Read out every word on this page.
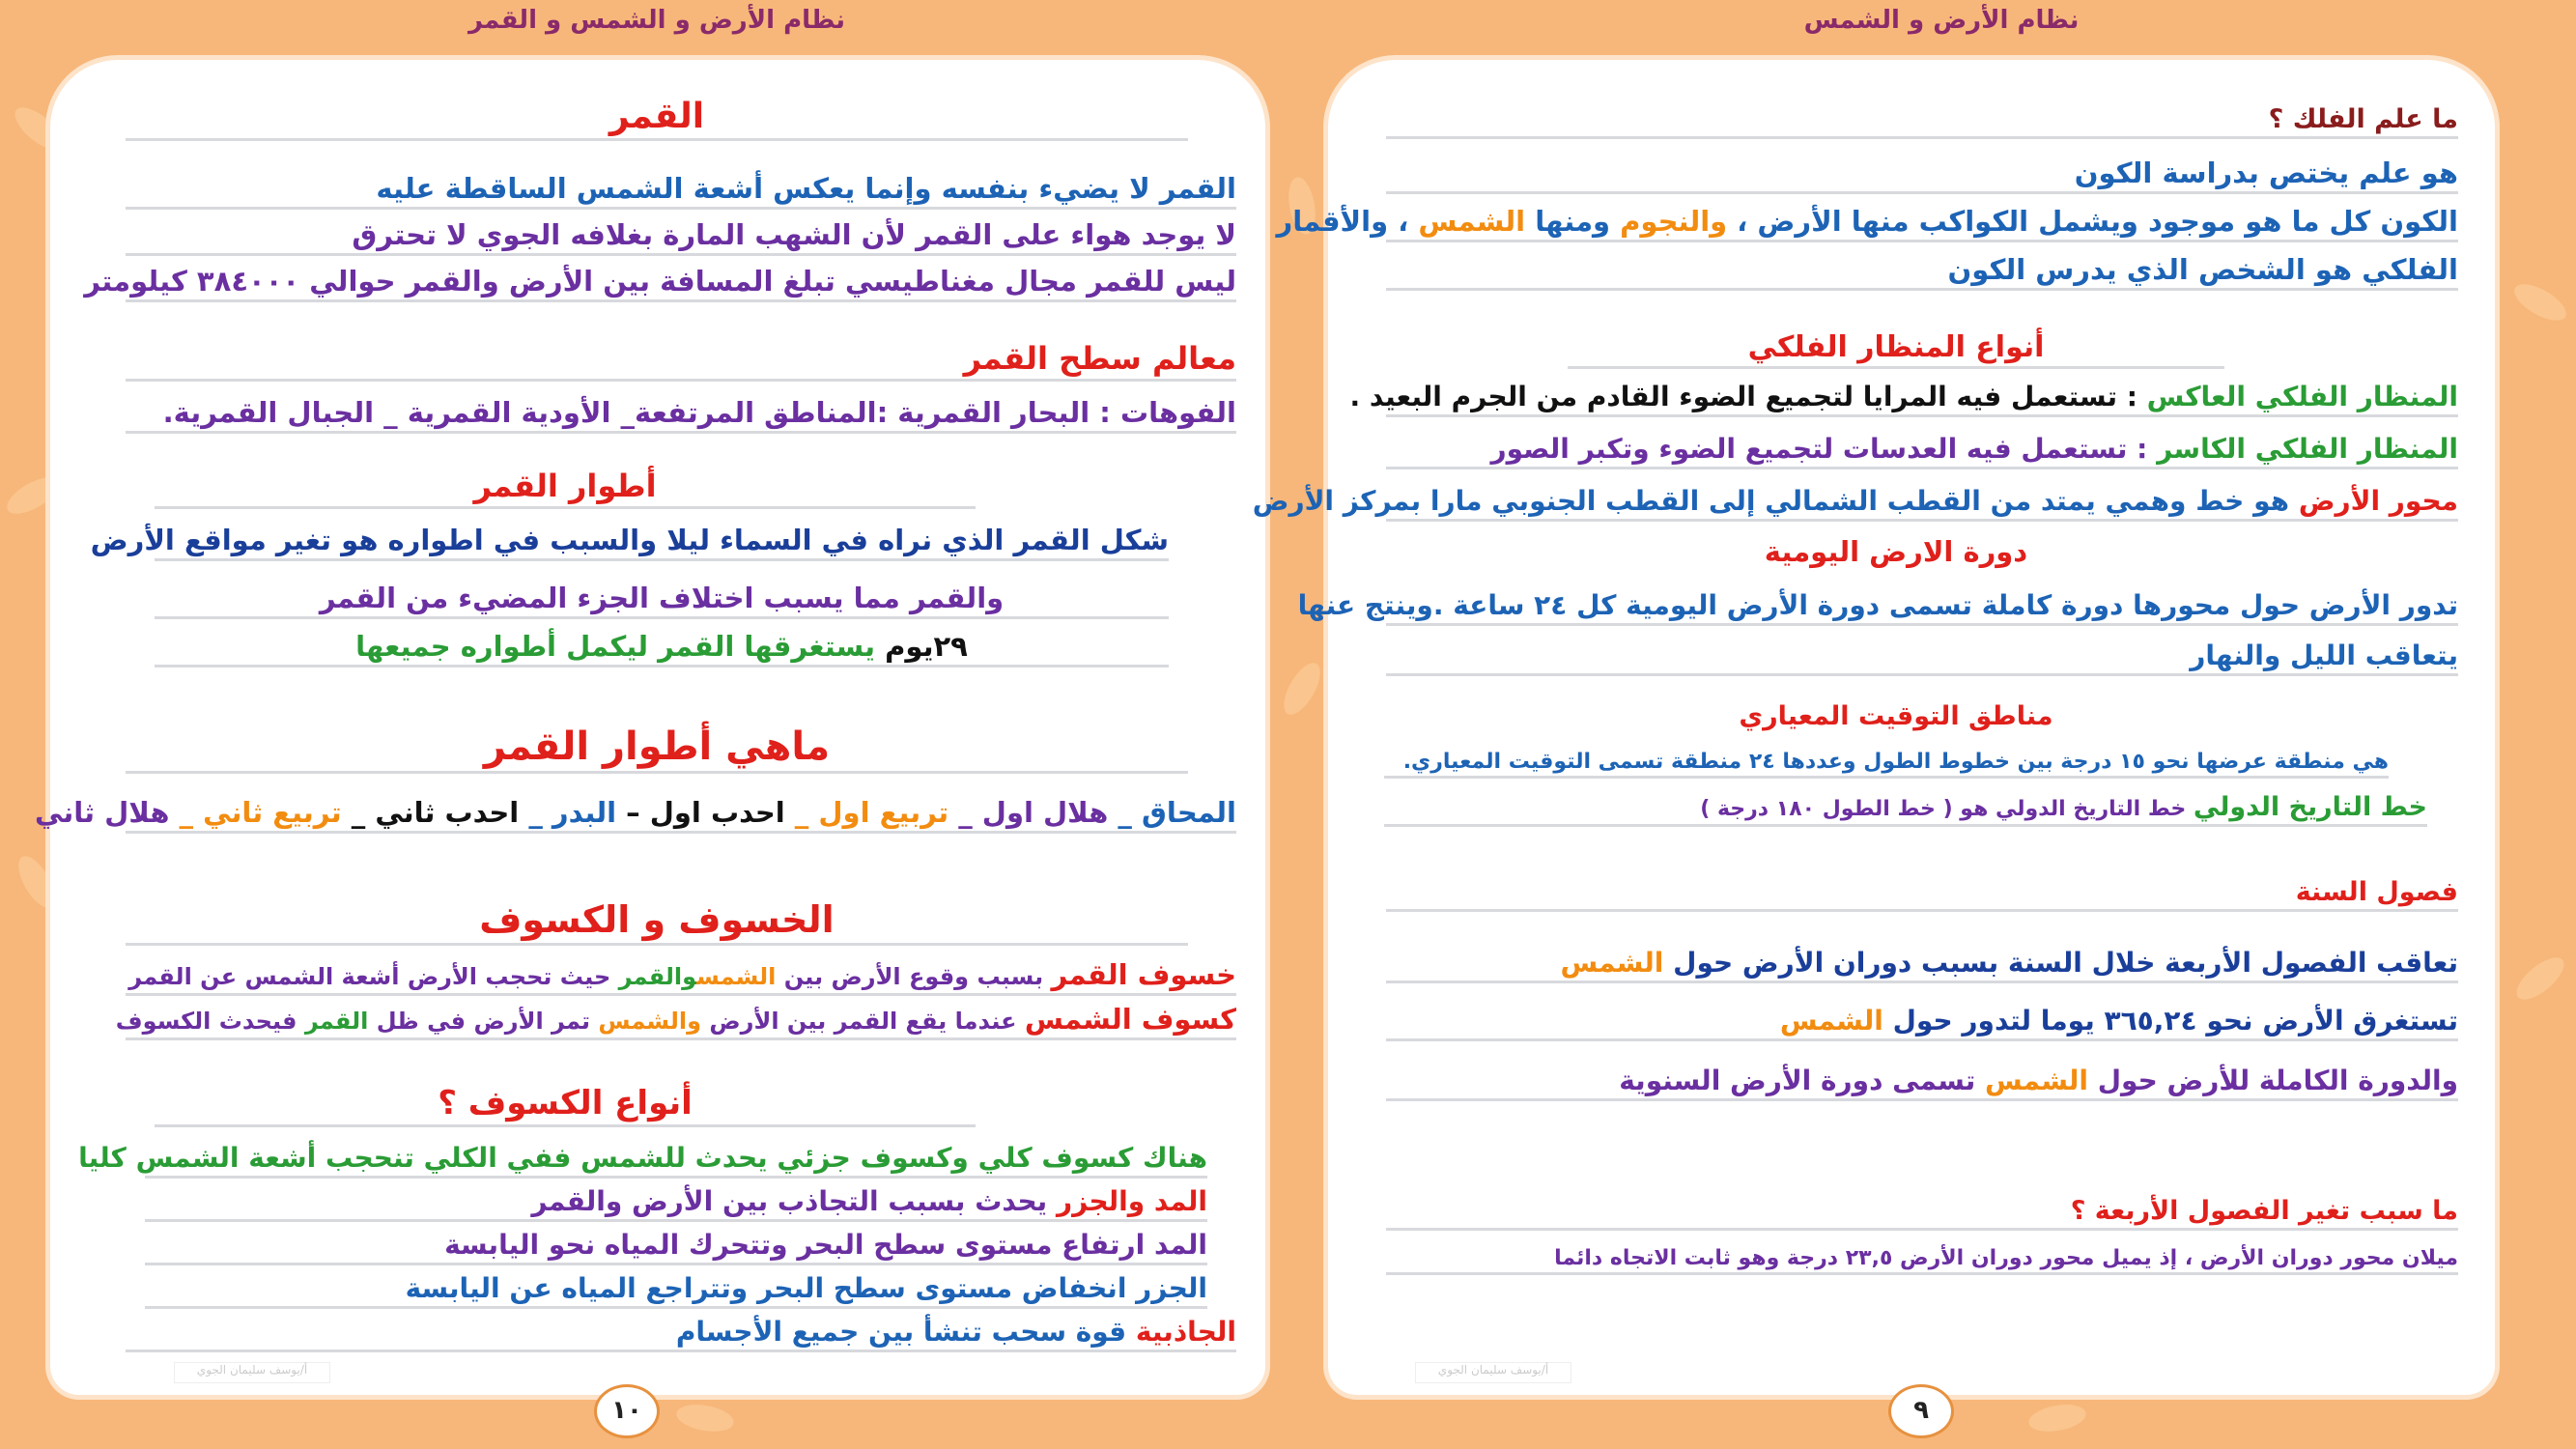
نظام الأرض و الشمس و القمر	نظام الأرض و الشمس
القمر
القمر لا يضيء بنفسه وإنما يعكس أشعة الشمس الساقطة عليه
لا يوجد هواء على القمر لأن الشهب المارة بغلافه الجوي لا تحترق
ليس للقمر مجال مغناطيسي تبلغ المسافة بين الأرض والقمر حوالي ٣٨٤٠٠٠ كيلومتر
معالم سطح القمر
الفوهات : البحار القمرية :المناطق المرتفعة_ الأودية القمرية _ الجبال القمرية.
أطوار القمر
شكل القمر الذي نراه في السماء ليلا والسبب في اطواره هو تغير مواقع الأرض
والقمر مما يسبب اختلاف الجزء المضيء من القمر
٢٩يوم يستغرقها القمر ليكمل أطواره جميعها
ماهي أطوار القمر
المحاق _ هلال اول _ تربيع اول _ احدب اول – البدر _ احدب ثاني _ تربيع ثاني _ هلال ثاني
الخسوف و الكسوف
خسوف القمر بسبب وقوع الأرض بين الشمسوالقمر حيث تحجب الأرض أشعة الشمس عن القمر
كسوف الشمس عندما يقع القمر بين الأرض والشمس تمر الأرض في ظل القمر فيحدث الكسوف
أنواع الكسوف ؟
هناك كسوف كلي وكسوف جزئي يحدث للشمس ففي الكلي تنحجب أشعة الشمس كليا
المد والجزر يحدث بسبب التجاذب بين الأرض والقمر
المد ارتفاع مستوى سطح البحر وتتحرك المياه نحو اليابسة
الجزر انخفاض مستوى سطح البحر وتتراجع المياه عن اليابسة
الجاذبية قوة سحب تنشأ بين جميع الأجسام
أ/يوسف سليمان الجوي
١٠
ما علم الفلك ؟
هو علم يختص بدراسة الكون
الكون كل ما هو موجود ويشمل الكواكب منها الأرض ، والنجوم ومنها الشمس ، والأقمار
الفلكي هو الشخص الذي يدرس الكون
أنواع المنظار الفلكي
المنظار الفلكي العاكس : تستعمل فيه المرايا لتجميع الضوء القادم من الجرم البعيد .
المنظار الفلكي الكاسر : تستعمل فيه العدسات لتجميع الضوء وتكبر الصور
محور الأرض هو خط وهمي يمتد من القطب الشمالي إلى القطب الجنوبي مارا بمركز الأرض
دورة الارض اليومية
تدور الأرض حول محورها دورة كاملة تسمى دورة الأرض اليومية كل ٢٤ ساعة .وينتج عنها
يتعاقب الليل والنهار
مناطق التوقيت المعياري
هي منطقة عرضها نحو ١٥ درجة بين خطوط الطول وعددها ٢٤ منطقة تسمى التوقيت المعياري.
خط التاريخ الدولي خط التاريخ الدولي هو ( خط الطول ١٨٠ درجة )
فصول السنة
تعاقب الفصول الأربعة خلال السنة بسبب دوران الأرض حول الشمس
تستغرق الأرض نحو ٣٦٥,٢٤ يوما لتدور حول الشمس
والدورة الكاملة للأرض حول الشمس تسمى دورة الأرض السنوية
ما سبب تغير الفصول الأربعة ؟
ميلان محور دوران الأرض ، إذ يميل محور دوران الأرض ٢٣,٥ درجة وهو ثابت الاتجاه دائما
أ/يوسف سليمان الجوي
٩
